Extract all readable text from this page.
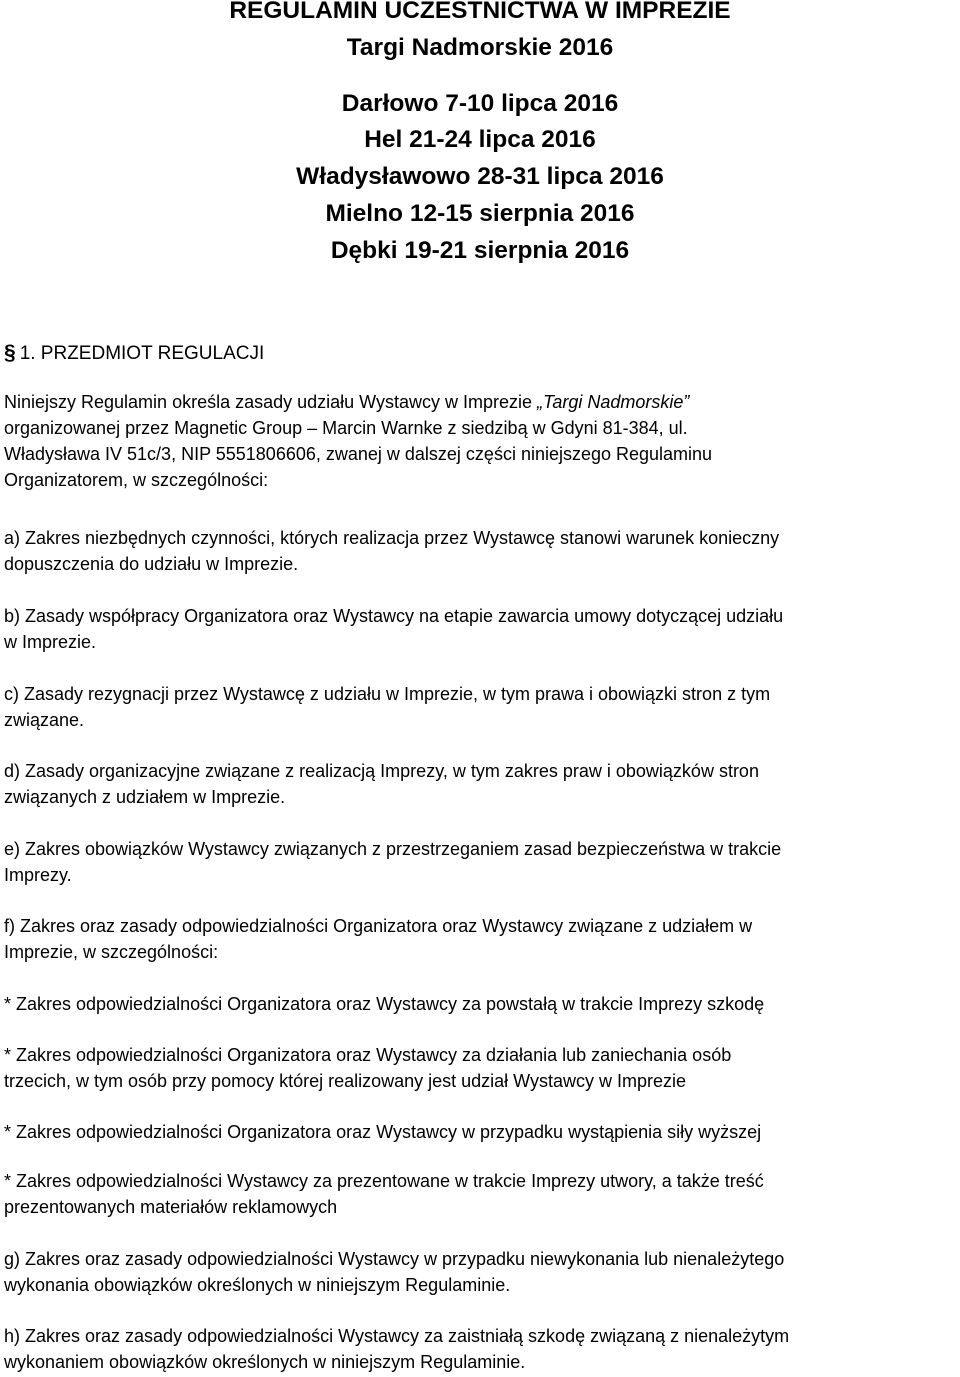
REGULAMIN UCZESTNICTWA W IMPREZIE
Targi Nadmorskie 2016
Darłowo 7-10 lipca 2016
Hel 21-24 lipca 2016
Władysławowo 28-31 lipca 2016
Mielno 12-15 sierpnia 2016
Dębki 19-21 sierpnia 2016
§ 1. PRZEDMIOT REGULACJI
Niniejszy Regulamin określa zasady udziału Wystawcy w Imprezie „Targi Nadmorskie”
organizowanej przez Magnetic Group – Marcin Warnke z siedzibą w Gdyni 81-384, ul.
Władysława IV 51c/3, NIP 5551806606, zwanej w dalszej części niniejszego Regulaminu
Organizatorem, w szczególności:
a) Zakres niezbędnych czynności, których realizacja przez Wystawcę stanowi warunek konieczny
dopuszczenia do udziału w Imprezie.
b) Zasady współpracy Organizatora oraz Wystawcy na etapie zawarcia umowy dotyczącej udziału
w Imprezie.
c) Zasady rezygnacji przez Wystawcę z udziału w Imprezie, w tym prawa i obowiązki stron z tym
związane.
d) Zasady organizacyjne związane z realizacją Imprezy, w tym zakres praw i obowiązków stron
związanych z udziałem w Imprezie.
e) Zakres obowiązków Wystawcy związanych z przestrzeganiem zasad bezpieczeństwa w trakcie
Imprezy.
f) Zakres oraz zasady odpowiedzialności Organizatora oraz Wystawcy związane z udziałem w
Imprezie, w szczególności:
* Zakres odpowiedzialności Organizatora oraz Wystawcy za powstałą w trakcie Imprezy szkodę
* Zakres odpowiedzialności Organizatora oraz Wystawcy za działania lub zaniechania osób
trzecich, w tym osób przy pomocy której realizowany jest udział Wystawcy w Imprezie
* Zakres odpowiedzialności Organizatora oraz Wystawcy w przypadku wystąpienia siły wyższej
* Zakres odpowiedzialności Wystawcy za prezentowane w trakcie Imprezy utwory, a także treść
prezentowanych materiałów reklamowych
g) Zakres oraz zasady odpowiedzialności Wystawcy w przypadku niewykonania lub nienależytego
wykonania obowiązków określonych w niniejszym Regulaminie.
h) Zakres oraz zasady odpowiedzialności Wystawcy za zaistniałą szkodę związaną z nienależytym
wykonaniem obowiązków określonych w niniejszym Regulaminie.
